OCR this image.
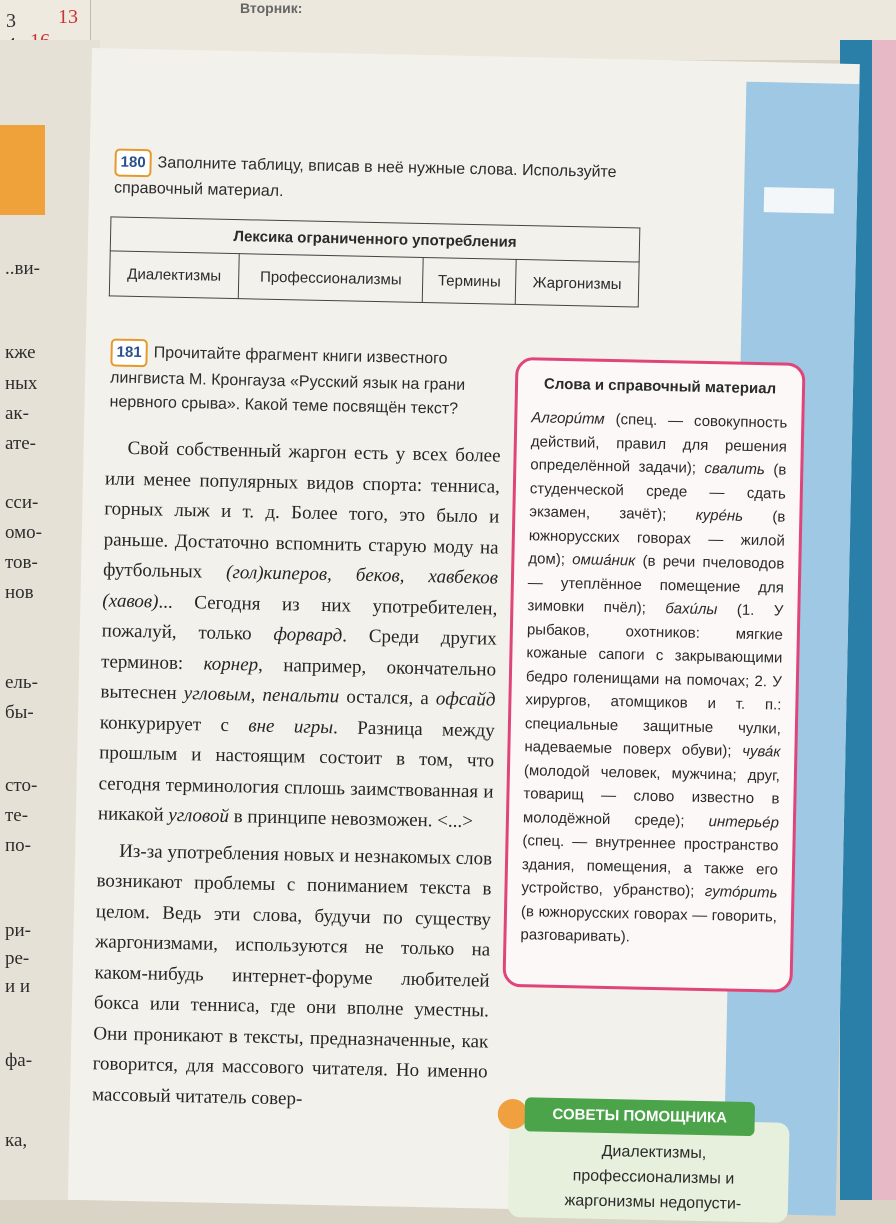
Вторник:
13
3
..ви-
кже
ных
ак-
ате-
сси-
омо-
тов-
нов
ель-
бы-
сто-
те-
по-
ри-
ре-
и и
фа-
ка,
180 Заполните таблицу, вписав в неё нужные слова. Используйте справочный материал.
Лексика ограниченного употребления
Диалектизмы	Профессионализмы	Термины	Жаргонизмы
181 Прочитайте фрагмент книги известного лингвиста М. Кронгауза «Русский язык на грани нервного срыва». Какой теме посвящён текст?

Свой собственный жаргон есть у всех более или менее популярных видов спорта: тенниса, горных лыж и т. д. Более того, это было и раньше. Достаточно вспомнить старую моду на футбольных (гол)киперов, беков, хавбеков (хавов)... Сегодня из них употребителен, пожалуй, только форвард. Среди других терминов: корнер, например, окончательно вытеснен угловым, пенальти остался, а офсайд конкурирует с вне игры. Разница между прошлым и настоящим состоит в том, что сегодня терминология сплошь заимствованная и никакой угловой в принципе невозможен. <...>

Из-за употребления новых и незнакомых слов возникают проблемы с пониманием текста в целом. Ведь эти слова, будучи по существу жаргонизмами, используются не только на каком-нибудь интернет-форуме любителей бокса или тенниса, где они вполне уместны. Они проникают в тексты, предназначенные, как говорится, для массового читателя. Но именно массовый читатель совер-

Слова и справочный материал
Алгори́тм (спец. — совокупность действий, правил для решения определённой задачи); свалить (в студенческой среде — сдать экзамен, зачёт); куре́нь (в южнорусских говорах — жилой дом); омша́ник (в речи пчеловодов — утеплённое помещение для зимовки пчёл); бахи́лы (1. У рыбаков, охотников: мягкие кожаные сапоги с закрывающими бедро голенищами на помочах; 2. У хирургов, атомщиков и т. п.: специальные защитные чулки, надеваемые поверх обуви); чува́к (молодой человек, мужчина; друг, товарищ — слово известно в молодёжной среде); интерье́р (спец. — внутреннее пространство здания, помещения, а также его устройство, убранство); гуто́рить (в южнорусских говорах — говорить, разговаривать).
СОВЕТЫ ПОМОЩНИКА
Диалектизмы, профессионализмы и жаргонизмы недопусти-
